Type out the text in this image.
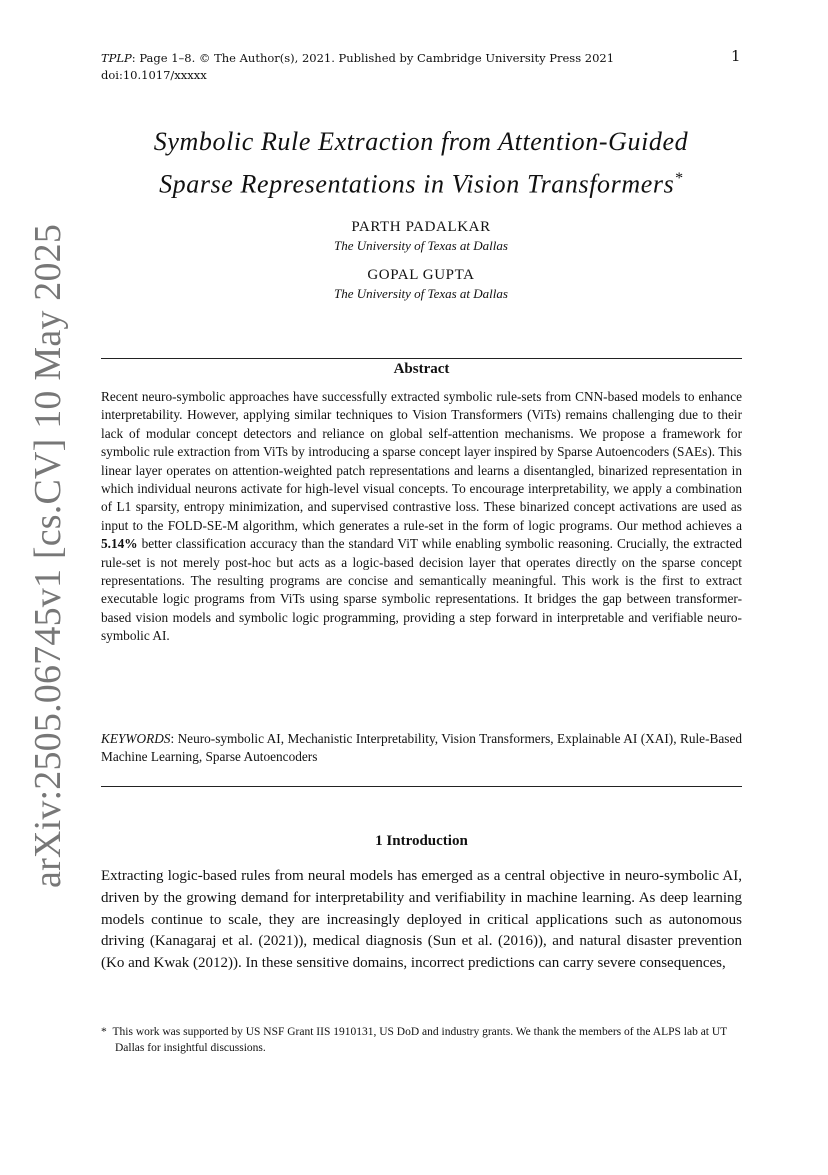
TPLP: Page 1–8. © The Author(s), 2021. Published by Cambridge University Press 2021
doi:10.1017/xxxxx
1
arXiv:2505.06745v1 [cs.CV] 10 May 2025
Symbolic Rule Extraction from Attention-Guided
Sparse Representations in Vision Transformers*
PARTH PADALKAR
The University of Texas at Dallas
GOPAL GUPTA
The University of Texas at Dallas
Abstract
Recent neuro-symbolic approaches have successfully extracted symbolic rule-sets from CNN-based models to enhance interpretability. However, applying similar techniques to Vision Transformers (ViTs) remains challenging due to their lack of modular concept detectors and reliance on global self-attention mechanisms. We propose a framework for symbolic rule extraction from ViTs by introducing a sparse concept layer inspired by Sparse Autoencoders (SAEs). This linear layer operates on attention-weighted patch representations and learns a disentangled, binarized representation in which individual neurons activate for high-level visual concepts. To encourage interpretability, we apply a combination of L1 sparsity, entropy minimization, and supervised contrastive loss. These binarized concept activations are used as input to the FOLD-SE-M algorithm, which generates a rule-set in the form of logic programs. Our method achieves a 5.14% better classification accuracy than the standard ViT while enabling symbolic reasoning. Crucially, the extracted rule-set is not merely post-hoc but acts as a logic-based decision layer that operates directly on the sparse concept representations. The resulting programs are concise and semantically meaningful. This work is the first to extract executable logic programs from ViTs using sparse symbolic representations. It bridges the gap between transformer-based vision models and symbolic logic programming, providing a step forward in interpretable and verifiable neuro-symbolic AI.
KEYWORDS: Neuro-symbolic AI, Mechanistic Interpretability, Vision Transformers, Explainable AI (XAI), Rule-Based Machine Learning, Sparse Autoencoders
1 Introduction
Extracting logic-based rules from neural models has emerged as a central objective in neuro-symbolic AI, driven by the growing demand for interpretability and verifiability in machine learning. As deep learning models continue to scale, they are increasingly deployed in critical applications such as autonomous driving (Kanagaraj et al. (2021)), medical diagnosis (Sun et al. (2016)), and natural disaster prevention (Ko and Kwak (2012)). In these sensitive domains, incorrect predictions can carry severe consequences,
* This work was supported by US NSF Grant IIS 1910131, US DoD and industry grants. We thank the members of the ALPS lab at UT Dallas for insightful discussions.
